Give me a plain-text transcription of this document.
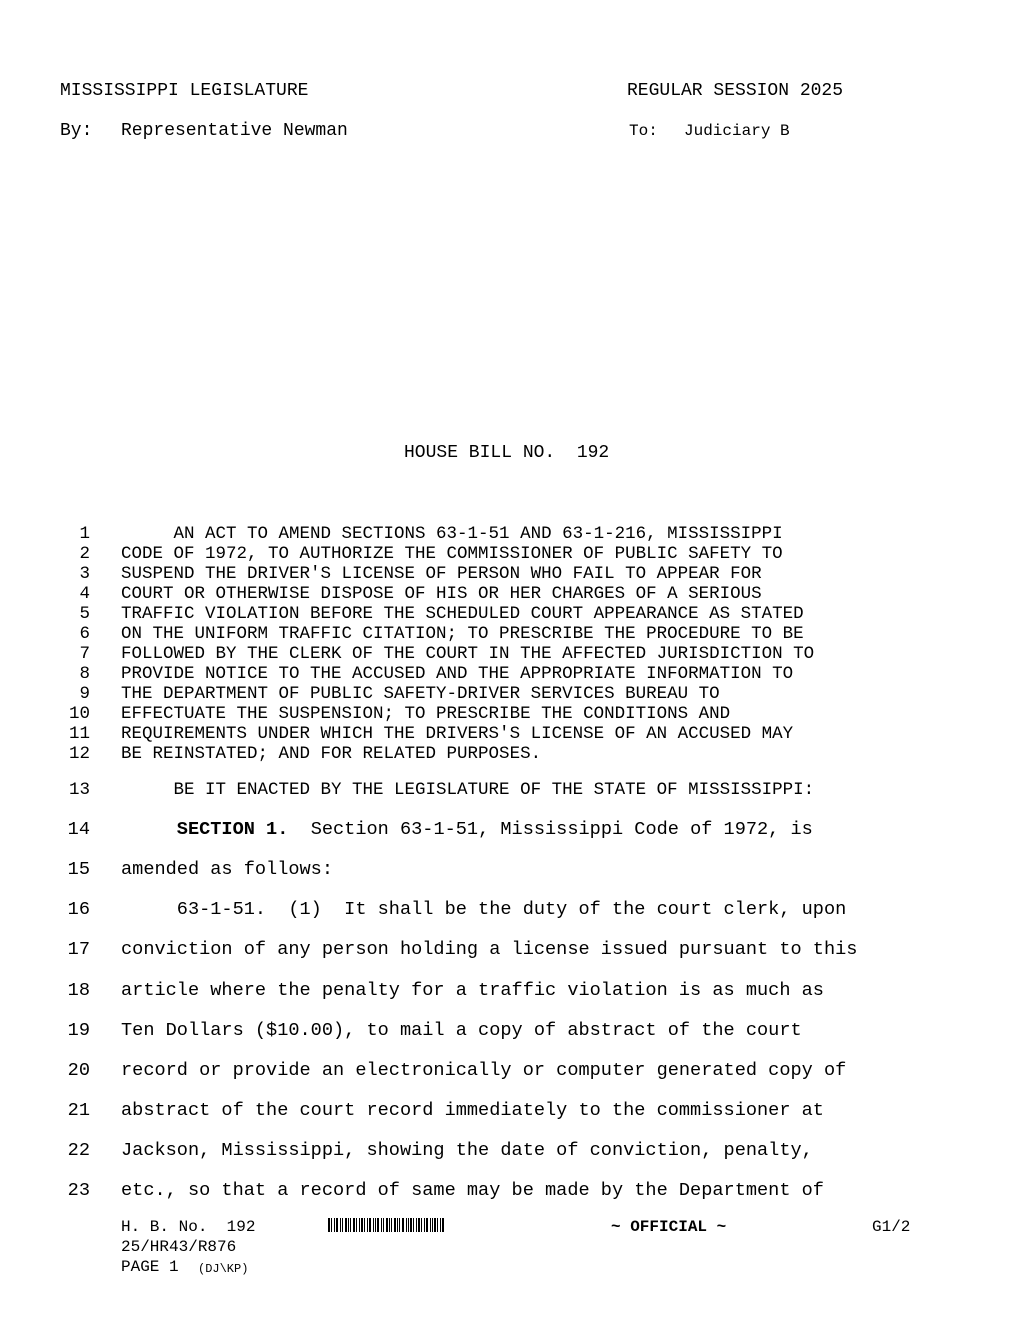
MISSISSIPPI LEGISLATURE	REGULAR SESSION 2025
By: Representative Newman	To: Judiciary B
HOUSE BILL NO.  192
1 AN ACT TO AMEND SECTIONS 63-1-51 AND 63-1-216, MISSISSIPPI
2 CODE OF 1972, TO AUTHORIZE THE COMMISSIONER OF PUBLIC SAFETY TO
3 SUSPEND THE DRIVER'S LICENSE OF PERSON WHO FAIL TO APPEAR FOR
4 COURT OR OTHERWISE DISPOSE OF HIS OR HER CHARGES OF A SERIOUS
5 TRAFFIC VIOLATION BEFORE THE SCHEDULED COURT APPEARANCE AS STATED
6 ON THE UNIFORM TRAFFIC CITATION; TO PRESCRIBE THE PROCEDURE TO BE
7 FOLLOWED BY THE CLERK OF THE COURT IN THE AFFECTED JURISDICTION TO
8 PROVIDE NOTICE TO THE ACCUSED AND THE APPROPRIATE INFORMATION TO
9 THE DEPARTMENT OF PUBLIC SAFETY-DRIVER SERVICES BUREAU TO
10 EFFECTUATE THE SUSPENSION; TO PRESCRIBE THE CONDITIONS AND
11 REQUIREMENTS UNDER WHICH THE DRIVERS'S LICENSE OF AN ACCUSED MAY
12 BE REINSTATED; AND FOR RELATED PURPOSES.
13 BE IT ENACTED BY THE LEGISLATURE OF THE STATE OF MISSISSIPPI:
14	SECTION 1.  Section 63-1-51, Mississippi Code of 1972, is
15 amended as follows:
16 63-1-51.  (1)  It shall be the duty of the court clerk, upon
17 conviction of any person holding a license issued pursuant to this
18 article where the penalty for a traffic violation is as much as
19 Ten Dollars ($10.00), to mail a copy of abstract of the court
20 record or provide an electronically or computer generated copy of
21 abstract of the court record immediately to the commissioner at
22 Jackson, Mississippi, showing the date of conviction, penalty,
23 etc., so that a record of same may be made by the Department of
H. B. No.  192	~ OFFICIAL ~	G1/2
25/HR43/R876
PAGE 1 (DJ\KP)
